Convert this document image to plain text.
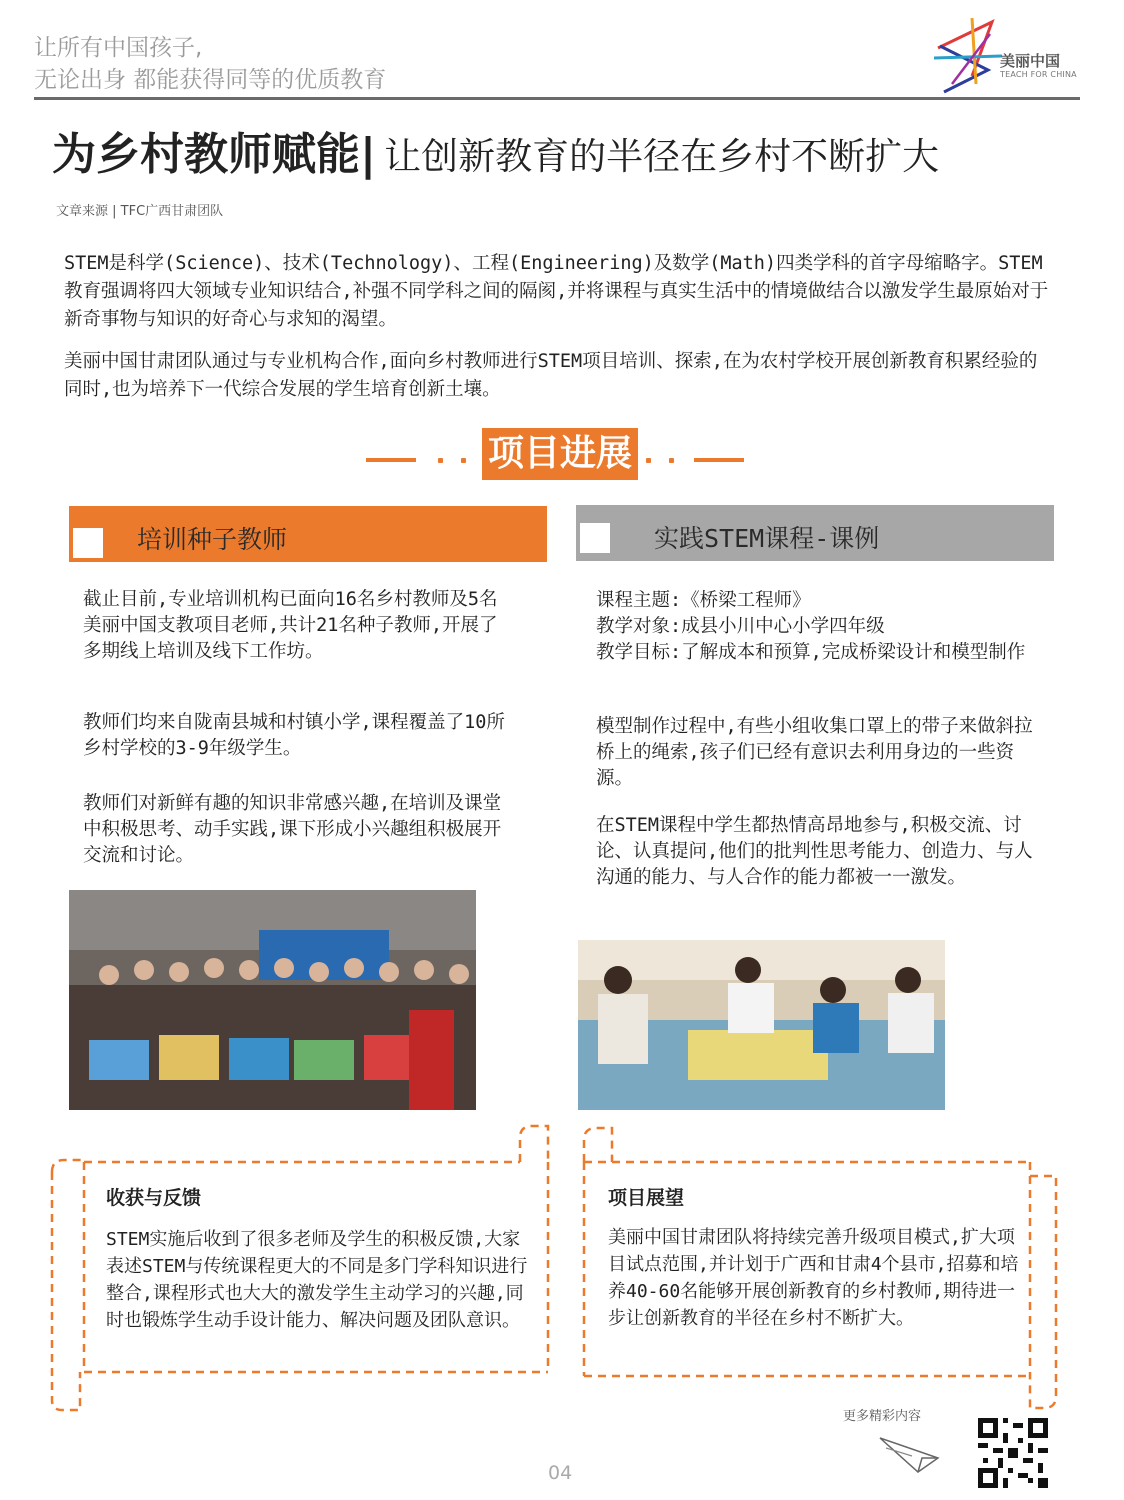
让所有中国孩子,
无论出身 都能获得同等的优质教育
美丽中国
TEACH FOR CHINA
为乡村教师赋能| 让创新教育的半径在乡村不断扩大
文章来源 | TFC广西甘肃团队
STEM是科学(Science)、技术(Technology)、工程(Engineering)及数学(Math)四类学科的首字母缩略字。STEM教育强调将四大领域专业知识结合,补强不同学科之间的隔阂,并将课程与真实生活中的情境做结合以激发学生最原始对于新奇事物与知识的好奇心与求知的渴望。
美丽中国甘肃团队通过与专业机构合作,面向乡村教师进行STEM项目培训、探索,在为农村学校开展创新教育积累经验的同时,也为培养下一代综合发展的学生培育创新土壤。
项目进展
培训种子教师	实践STEM课程-课例
截止目前,专业培训机构已面向16名乡村教师及5名美丽中国支教项目老师,共计21名种子教师,开展了多期线上培训及线下工作坊。
教师们均来自陇南县城和村镇小学,课程覆盖了10所乡村学校的3-9年级学生。
教师们对新鲜有趣的知识非常感兴趣,在培训及课堂中积极思考、动手实践,课下形成小兴趣组积极展开交流和讨论。
课程主题:《桥梁工程师》
教学对象:成县小川中心小学四年级
教学目标:了解成本和预算,完成桥梁设计和模型制作
模型制作过程中,有些小组收集口罩上的带子来做斜拉桥上的绳索,孩子们已经有意识去利用身边的一些资源。
在STEM课程中学生都热情高昂地参与,积极交流、讨论、认真提问,他们的批判性思考能力、创造力、与人沟通的能力、与人合作的能力都被一一激发。
收获与反馈
STEM实施后收到了很多老师及学生的积极反馈,大家表述STEM与传统课程更大的不同是多门学科知识进行整合,课程形式也大大的激发学生主动学习的兴趣,同时也锻炼学生动手设计能力、解决问题及团队意识。
项目展望
美丽中国甘肃团队将持续完善升级项目模式,扩大项目试点范围,并计划于广西和甘肃4个县市,招募和培养40-60名能够开展创新教育的乡村教师,期待进一步让创新教育的半径在乡村不断扩大。
更多精彩内容
04
